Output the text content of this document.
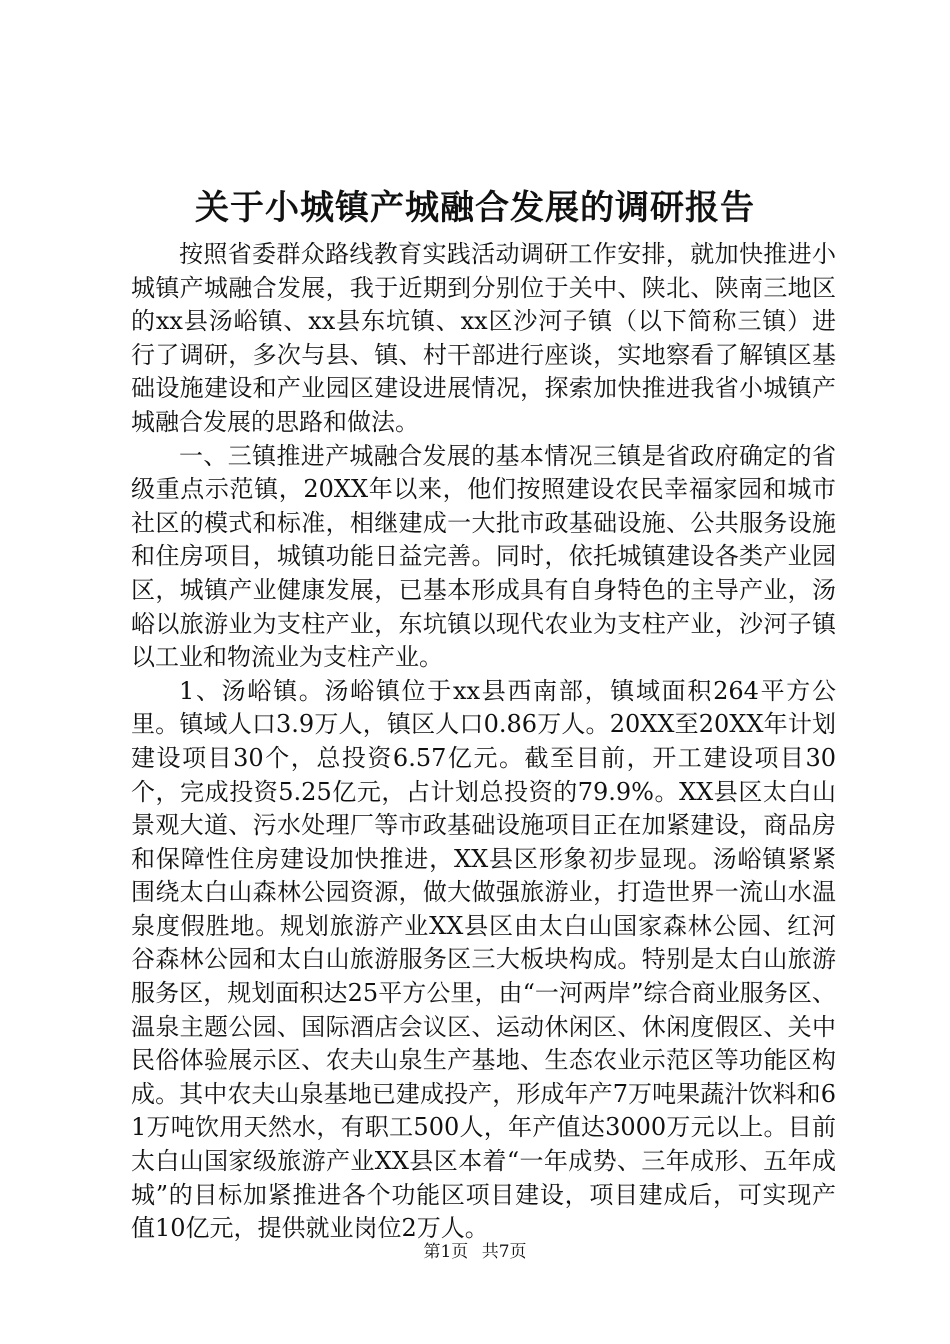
关于小城镇产城融合发展的调研报告

按照省委群众路线教育实践活动调研工作安排，就加快推进小城镇产城融合发展，我于近期到分别位于关中、陕北、陕南三地区的xx县汤峪镇、xx县东坑镇、xx区沙河子镇（以下简称三镇）进行了调研，多次与县、镇、村干部进行座谈，实地察看了解镇区基础设施建设和产业园区建设进展情况，探索加快推进我省小城镇产城融合发展的思路和做法。

一、三镇推进产城融合发展的基本情况三镇是省政府确定的省级重点示范镇，20XX年以来，他们按照建设农民幸福家园和城市社区的模式和标准，相继建成一大批市政基础设施、公共服务设施和住房项目，城镇功能日益完善。同时，依托城镇建设各类产业园区，城镇产业健康发展，已基本形成具有自身特色的主导产业，汤峪以旅游业为支柱产业，东坑镇以现代农业为支柱产业，沙河子镇以工业和物流业为支柱产业。

1、汤峪镇。汤峪镇位于xx县西南部，镇域面积264平方公里。镇域人口3.9万人，镇区人口0.86万人。20XX至20XX年计划建设项目30个，总投资6.57亿元。截至目前，开工建设项目30个，完成投资5.25亿元，占计划总投资的79.9%。XX县区太白山景观大道、污水处理厂等市政基础设施项目正在加紧建设，商品房和保障性住房建设加快推进，XX县区形象初步显现。汤峪镇紧紧围绕太白山森林公园资源，做大做强旅游业，打造世界一流山水温泉度假胜地。规划旅游产业XX县区由太白山国家森林公园、红河谷森林公园和太白山旅游服务区三大板块构成。特别是太白山旅游服务区，规划面积达25平方公里，由“一河两岸”综合商业服务区、温泉主题公园、国际酒店会议区、运动休闲区、休闲度假区、关中民俗体验展示区、农夫山泉生产基地、生态农业示范区等功能区构成。其中农夫山泉基地已建成投产，形成年产7万吨果蔬汁饮料和61万吨饮用天然水，有职工500人，年产值达3000万元以上。目前太白山国家级旅游产业XX县区本着“一年成势、三年成形、五年成城”的目标加紧推进各个功能区项目建设，项目建成后，可实现产值10亿元，提供就业岗位2万人。

第1页 共7页
